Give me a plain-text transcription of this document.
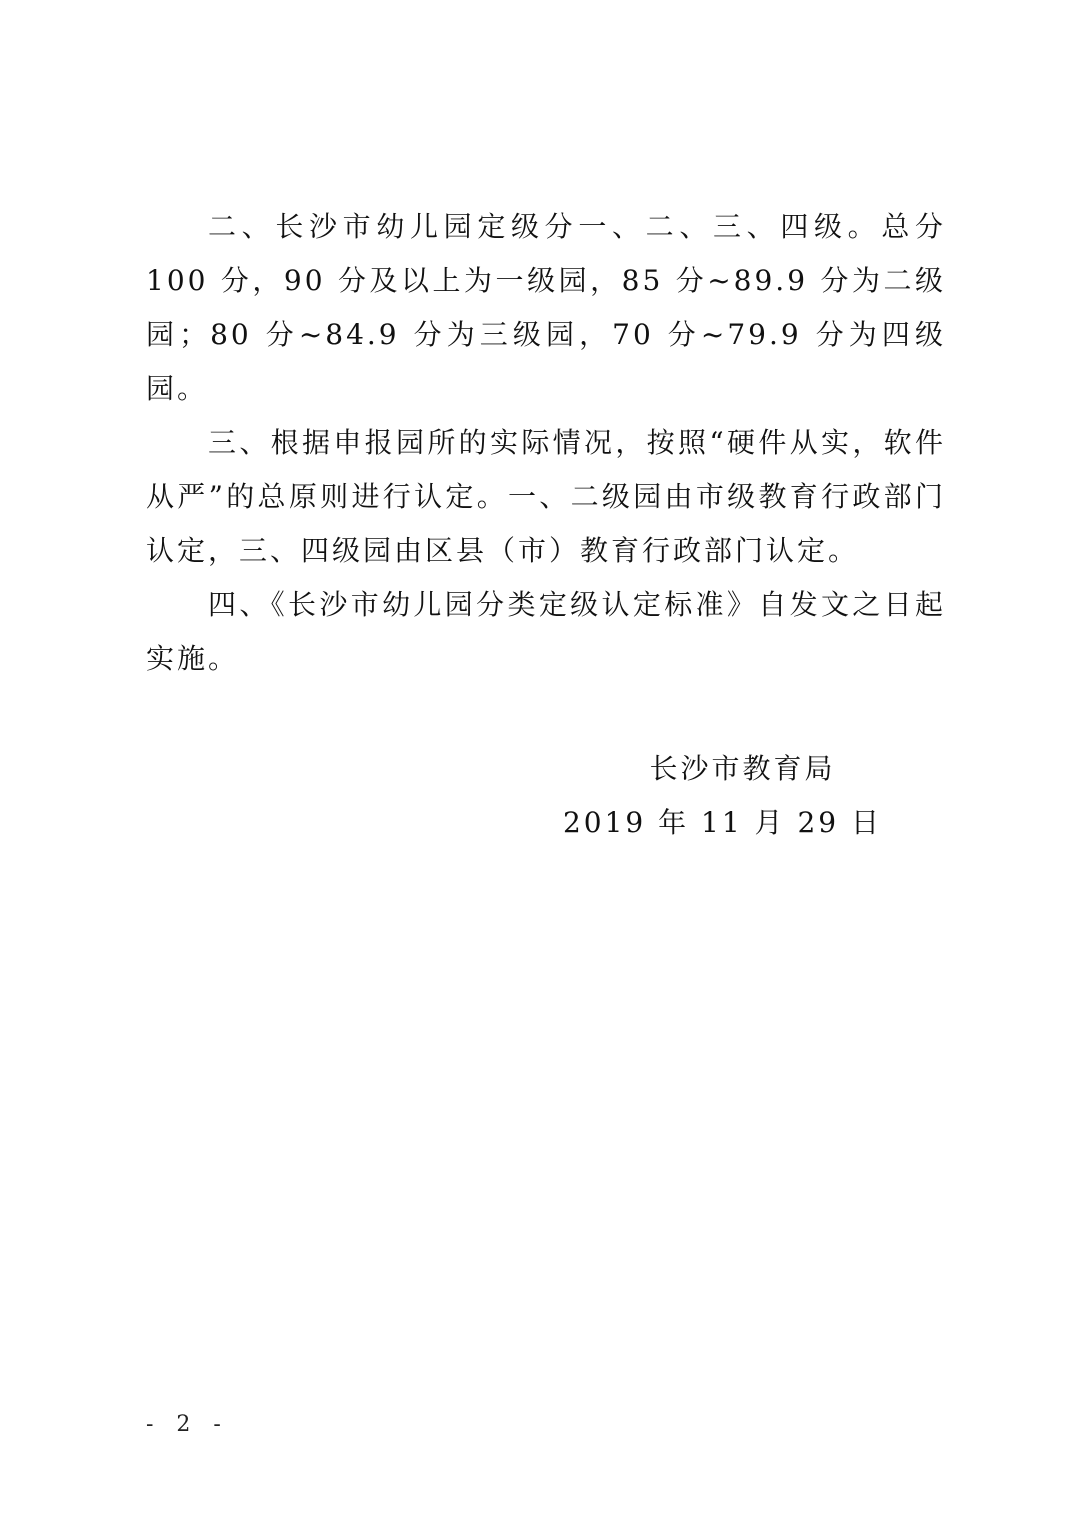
二、长沙市幼儿园定级分一、二、三、四级。总分 100 分，90 分及以上为一级园，85 分~89.9 分为二级园；80 分~84.9 分为三级园，70 分~79.9 分为四级园。

三、根据申报园所的实际情况，按照“硬件从实，软件从严”的总原则进行认定。一、二级园由市级教育行政部门认定，三、四级园由区县（市）教育行政部门认定。

四、《长沙市幼儿园分类定级认定标准》自发文之日起实施。

长沙市教育局
2019 年 11 月 29 日
- 2 -
